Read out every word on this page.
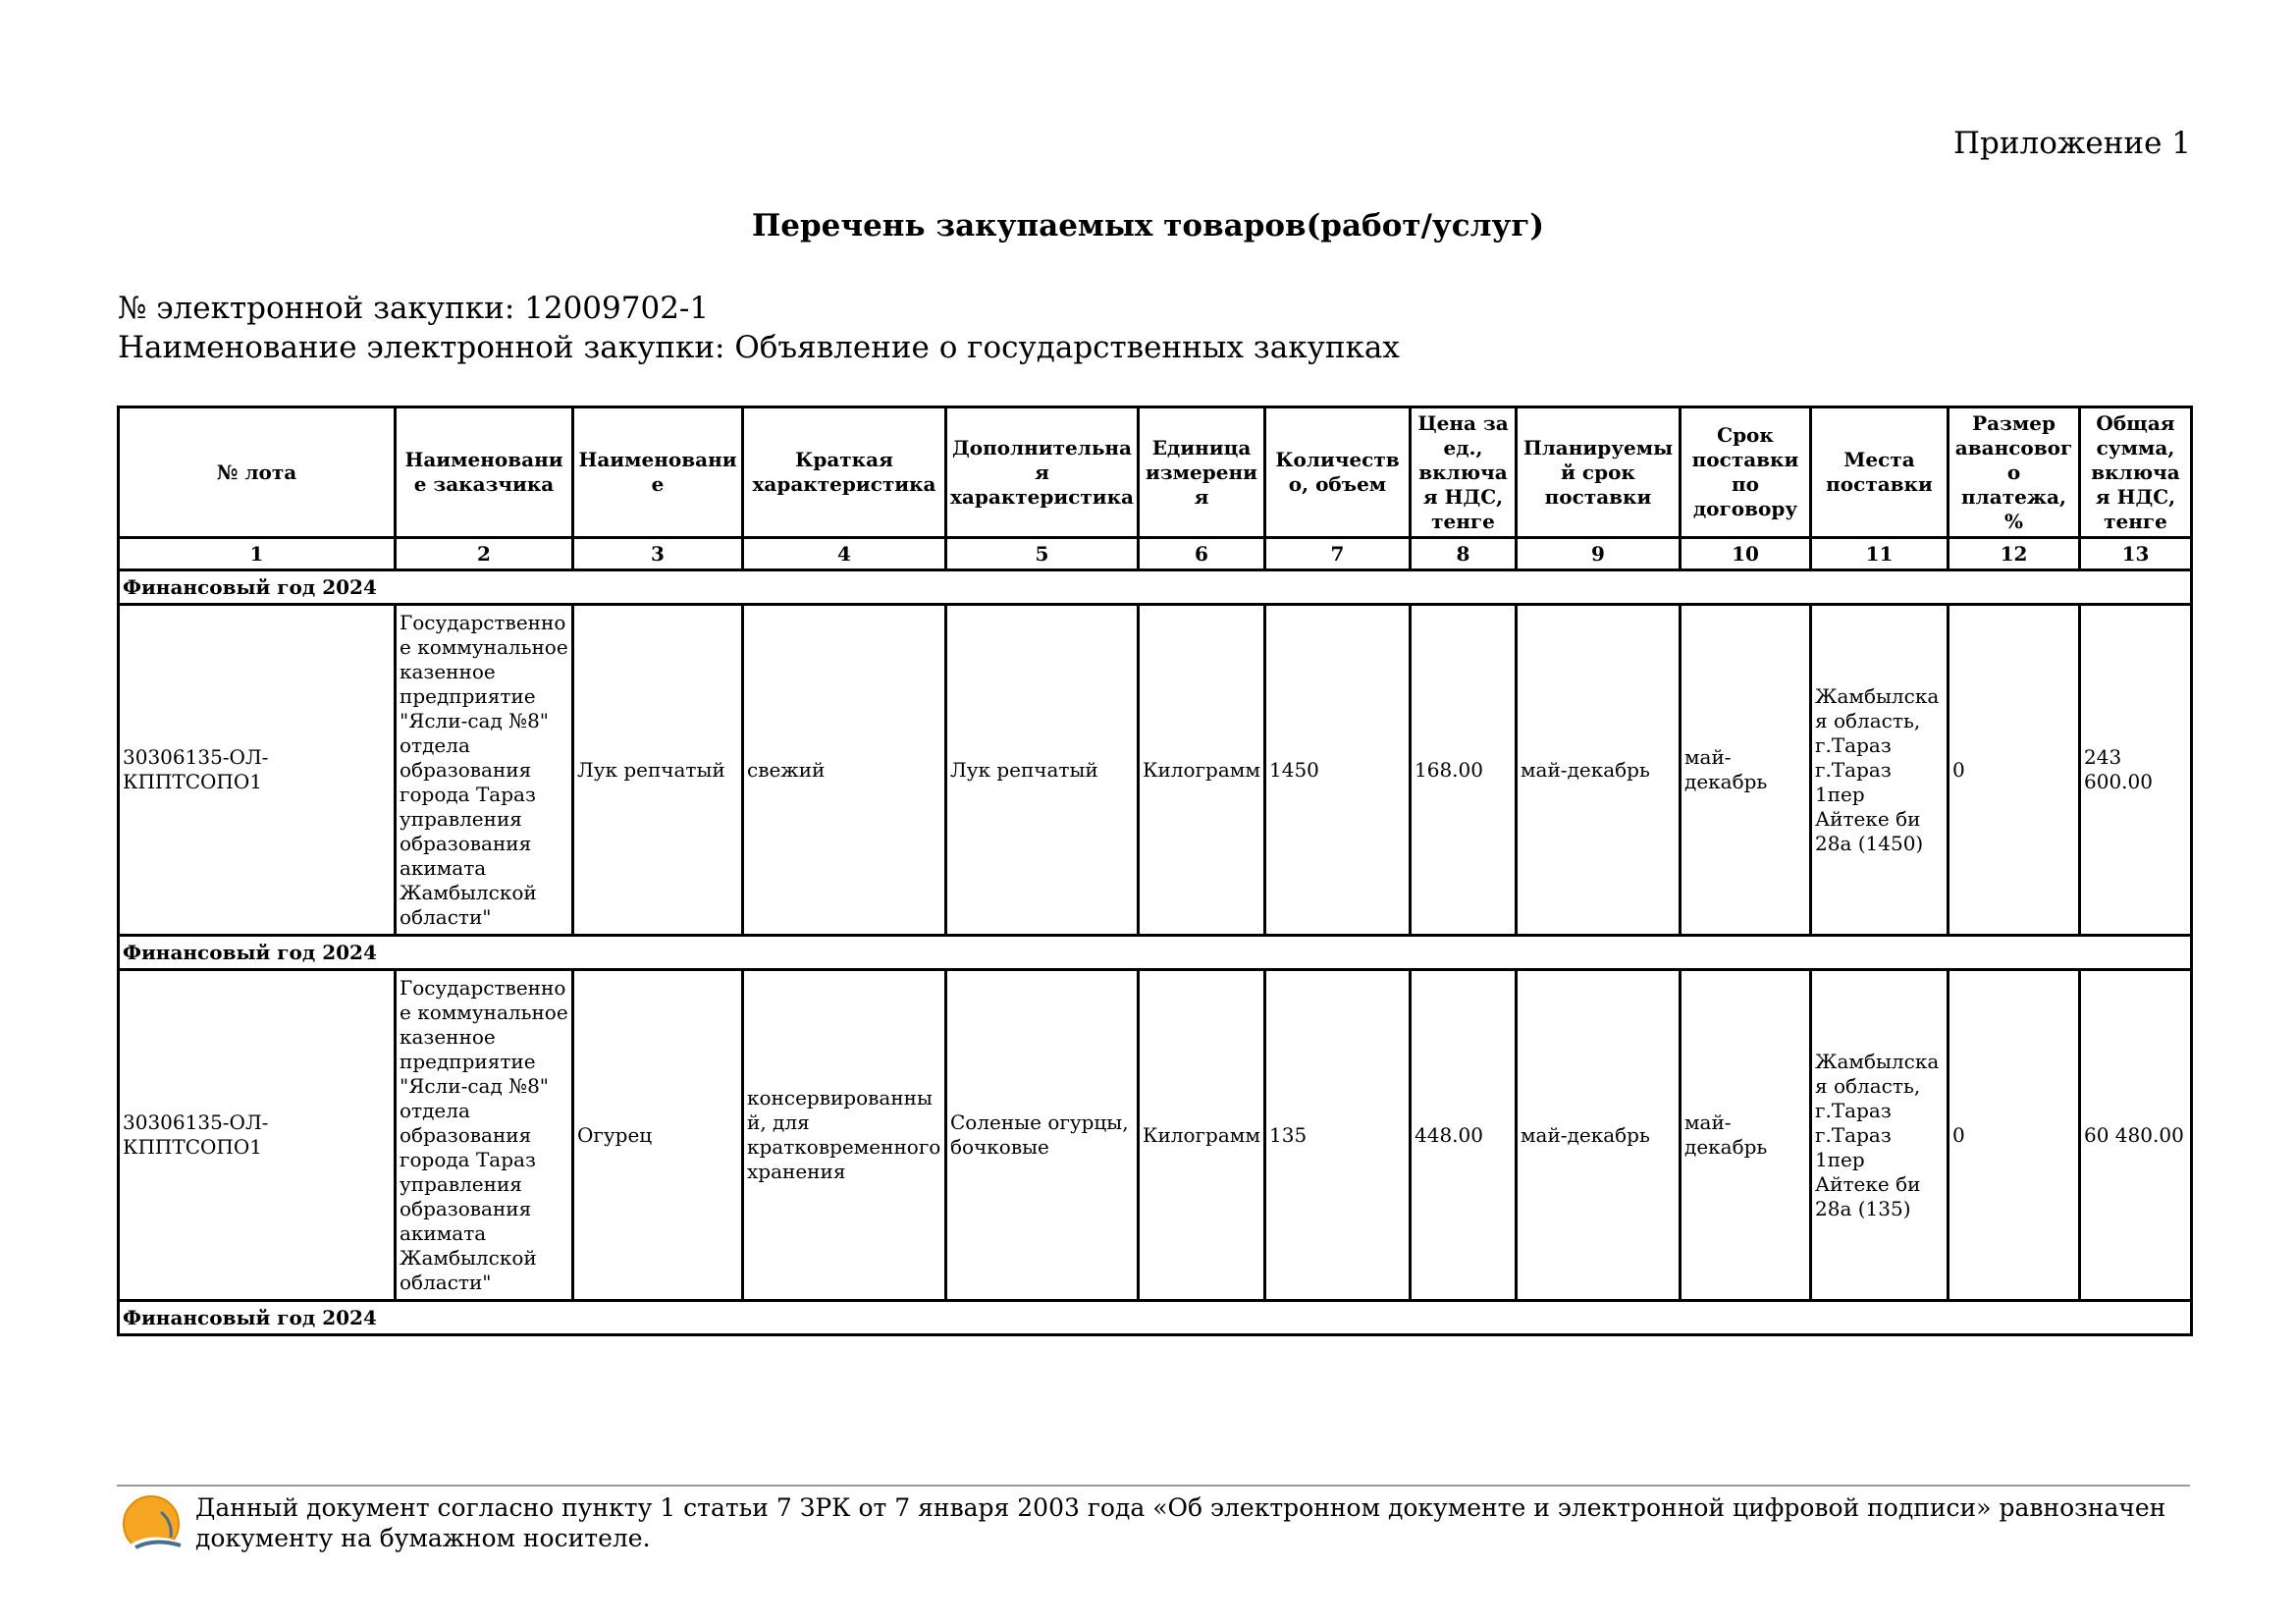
Приложение 1
Перечень закупаемых товаров(работ/услуг)
№ электронной закупки: 12009702-1
Наименование электронной закупки: Объявление о государственных закупках
№ лота	Наименование заказчика	Наименование	Краткая характеристика	Дополнительная характеристика	Единица измерения	Количество, объем	Цена за ед., включая НДС, тенге	Планируемый срок поставки	Срок поставки по договору	Места поставки	Размер авансового платежа, %	Общая сумма, включая НДС, тенге
1	2	3	4	5	6	7	8	9	10	11	12	13
Финансовый год 2024												
30306135-ОЛ-КППТСОПО1	Государственное коммунальное казенное предприятие "Ясли-сад №8" отдела образования города Тараз управления образования акимата Жамбылской области"	Лук репчатый	свежий	Лук репчатый	Килограмм	1450	168.00	май-декабрь	май-декабрь	Жамбылская область, г.Тараз г.Тараз 1пер Айтеке би 28а (1450)	0	243 600.00
Финансовый год 2024												
30306135-ОЛ-КППТСОПО1	Государственное коммунальное казенное предприятие "Ясли-сад №8" отдела образования города Тараз управления образования акимата Жамбылской области"	Огурец	консервированный, для кратковременного хранения	Соленые огурцы, бочковые	Килограмм	135	448.00	май-декабрь	май-декабрь	Жамбылская область, г.Тараз г.Тараз 1пер Айтеке би 28а (135)	0	60 480.00
Финансовый год 2024												
Данный документ согласно пункту 1 статьи 7 ЗРК от 7 января 2003 года «Об электронном документе и электронной цифровой подписи» равнозначен документу на бумажном носителе.
